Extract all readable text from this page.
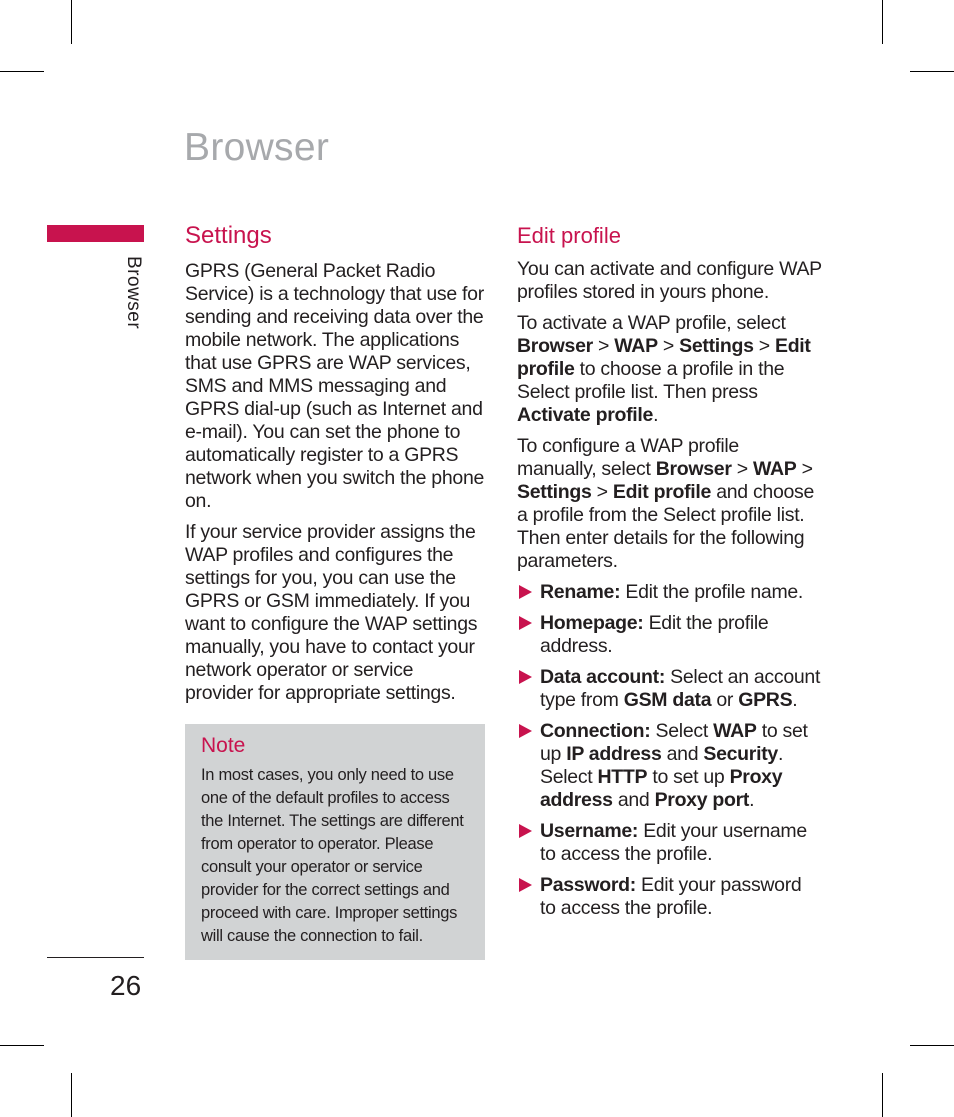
Browser
Browser
26
Settings

GPRS (General Packet Radio Service) is a technology that use for sending and receiving data over the mobile network. The applications that use GPRS are WAP services, SMS and MMS messaging and GPRS dial-up (such as Internet and e-mail). You can set the phone to automatically register to a GPRS network when you switch the phone on.

If your service provider assigns the WAP profiles and configures the settings for you, you can use the GPRS or GSM immediately. If you want to configure the WAP settings manually, you have to contact your network operator or service provider for appropriate settings.

Note
In most cases, you only need to use one of the default profiles to access the Internet. The settings are different from operator to operator. Please consult your operator or service provider for the correct settings and proceed with care. Improper settings will cause the connection to fail.
Edit profile

You can activate and configure WAP profiles stored in yours phone.

To activate a WAP profile, select Browser > WAP > Settings > Edit profile to choose a profile in the Select profile list. Then press Activate profile.

To configure a WAP profile manually, select Browser > WAP > Settings > Edit profile and choose a profile from the Select profile list. Then enter details for the following parameters.

Rename: Edit the profile name.
Homepage: Edit the profile address.
Data account: Select an account type from GSM data or GPRS.
Connection: Select WAP to set up IP address and Security. Select HTTP to set up Proxy address and Proxy port.
Username: Edit your username to access the profile.
Password: Edit your password to access the profile.
